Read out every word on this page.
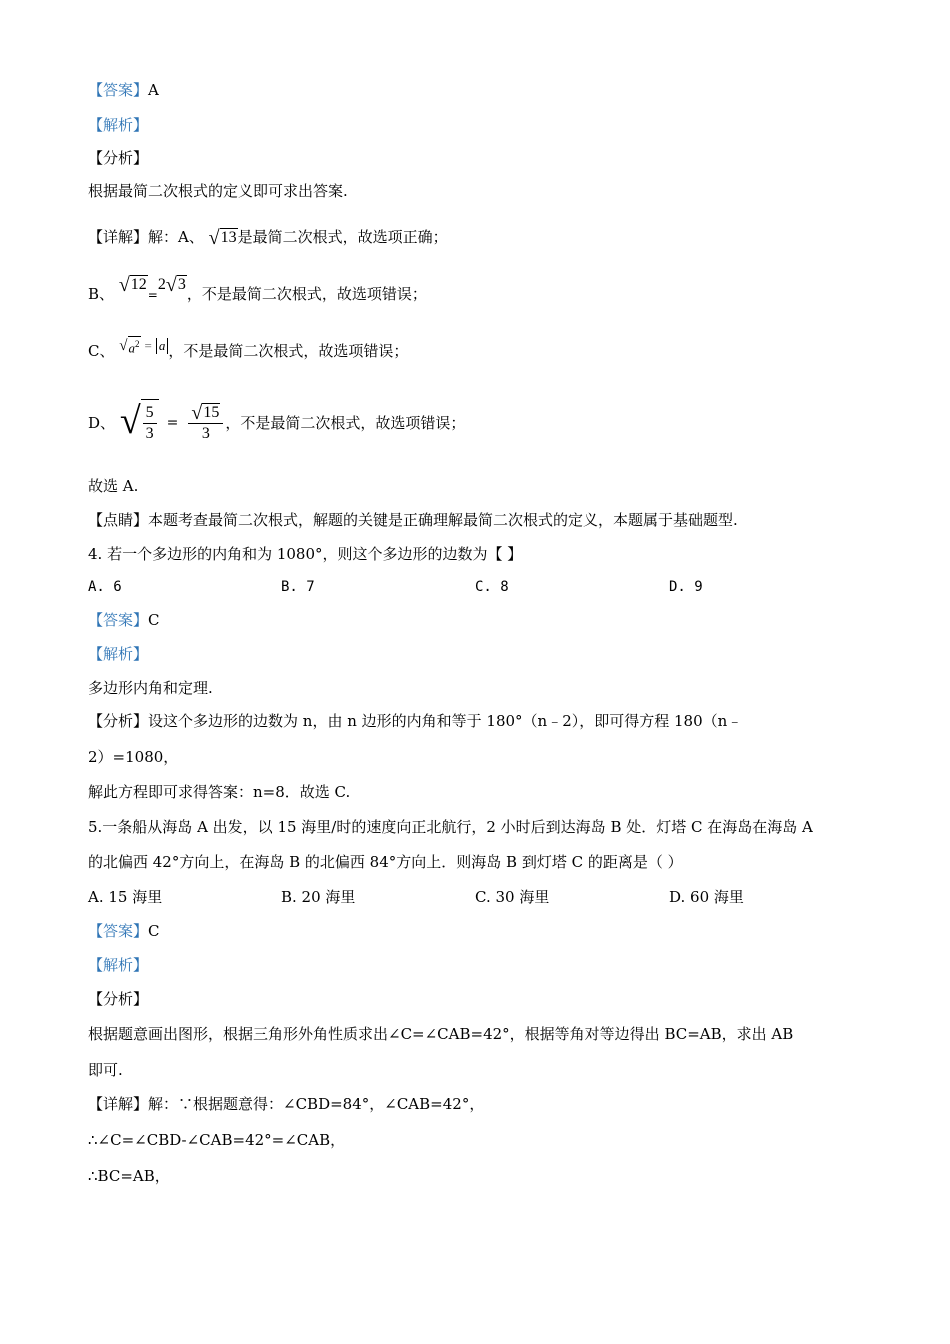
【答案】A
【解析】
【分析】
根据最简二次根式的定义即可求出答案.
【详解】解：A、 √ 13 是最简二次根式，故选项正确；
B、 √ 12
=2 √ 3
，不是最简二次根式，故选项错误；
C、 √ $a^2 = a$ ，不是最简二次根式，故选项错误；
D、 √ $\frac{5}{3} = \frac{√ 15}{3}$ ，不是最简二次根式，故选项错误；
故选 A.
【点睛】本题考查最简二次根式，解题的关键是正确理解最简二次根式的定义，本题属于基础题型.
4. 若一个多边形的内角和为 1080°，则这个多边形的边数为【 】
A. 6	B. 7	C. 8	D. 9
【答案】C
【解析】
多边形内角和定理.
【分析】设这个多边形的边数为 n，由 n 边形的内角和等于 180°（n﹣2），即可得方程 180（n﹣
2）=1080，
解此方程即可求得答案：n=8．故选 C.
5.一条船从海岛 A 出发，以 15 海里/时的速度向正北航行，2 小时后到达海岛 B 处．灯塔 C 在海岛在海岛 A
的北偏西 42°方向上，在海岛 B 的北偏西 84°方向上．则海岛 B 到灯塔 C 的距离是（ ）
A. 15 海里	B. 20 海里	C. 30 海里	D. 60 海里
【答案】C
【解析】
【分析】
根据题意画出图形，根据三角形外角性质求出∠C=∠CAB=42°，根据等角对等边得出 BC=AB，求出 AB
即可.
【详解】解：∵根据题意得：∠CBD=84°，∠CAB=42°，
∴∠C=∠CBD-∠CAB=42°=∠CAB，
∴BC=AB，
